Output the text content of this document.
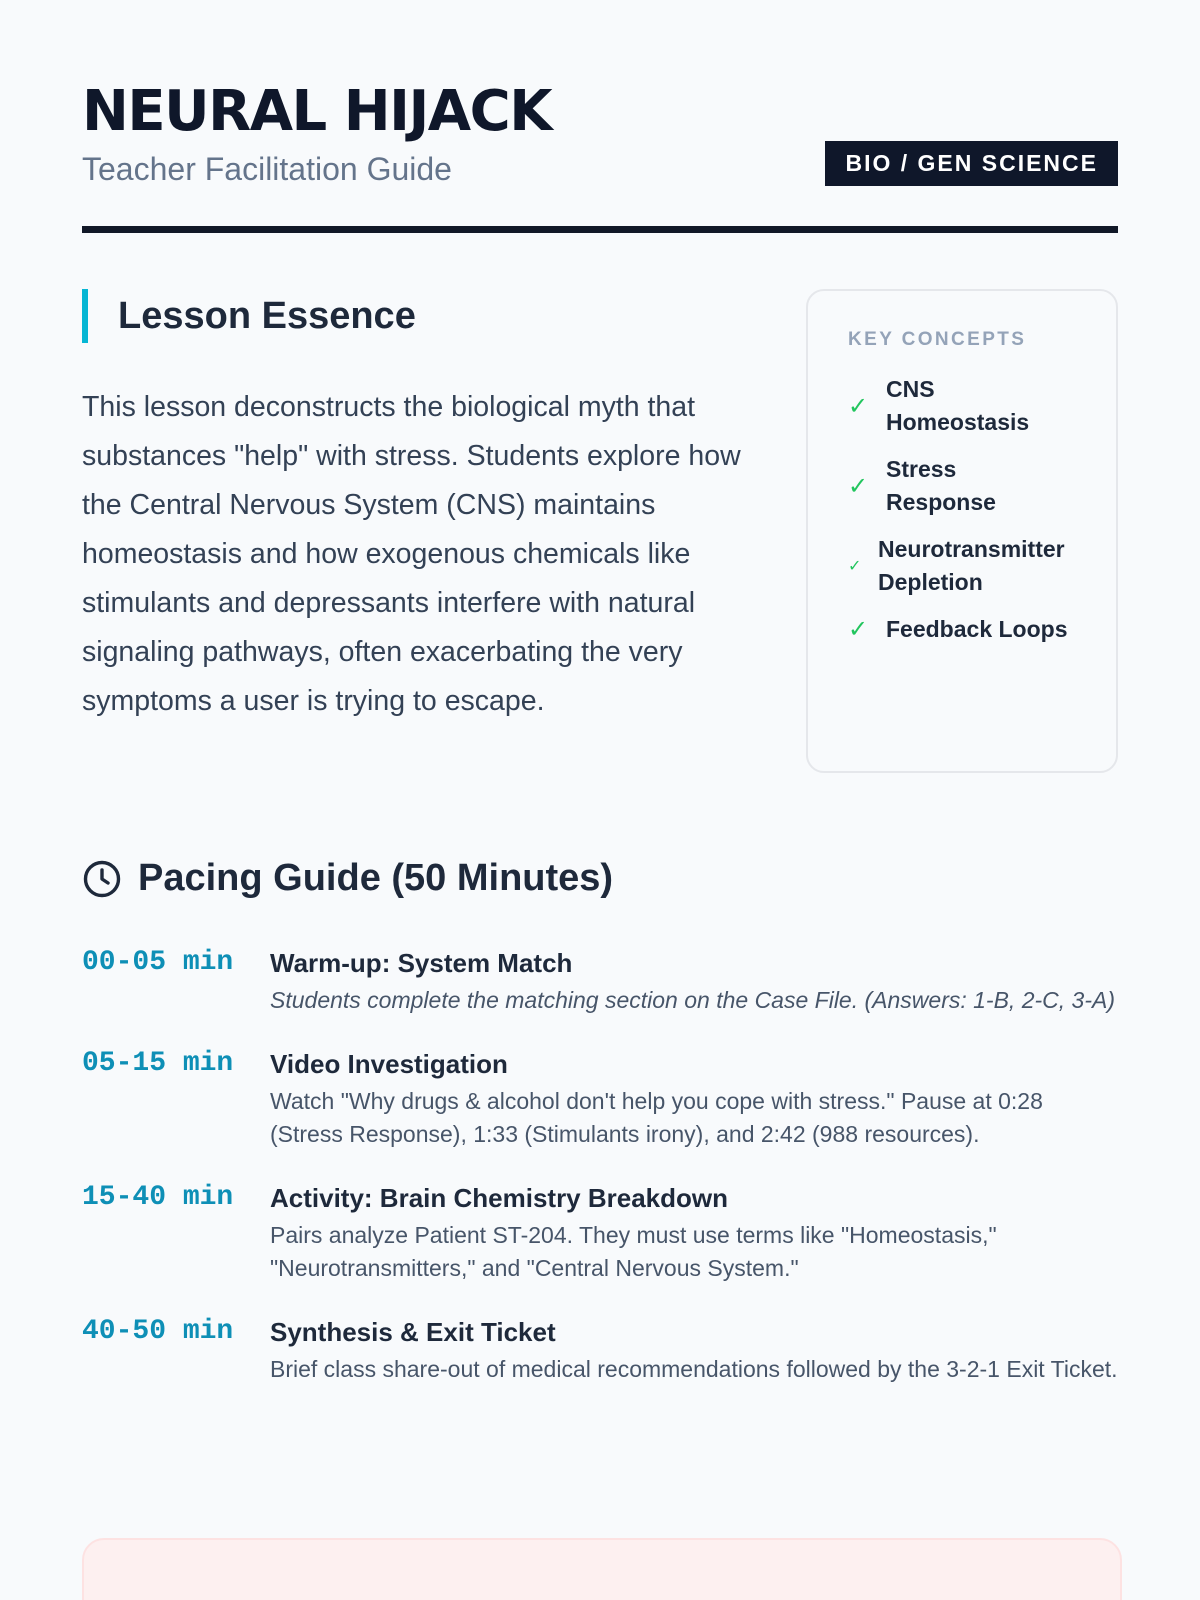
NEURAL HIJACK
Teacher Facilitation Guide	BIO / GEN SCIENCE
Lesson Essence

This lesson deconstructs the biological myth that substances "help" with stress. Students explore how the Central Nervous System (CNS) maintains homeostasis and how exogenous chemicals like stimulants and depressants interfere with natural signaling pathways, often exacerbating the very symptoms a user is trying to escape.

KEY CONCEPTS
✓
CNS Homeostasis
✓
Stress Response
✓
Neurotransmitter Depletion
✓ Feedback Loops
Pacing Guide (50 Minutes)
00-05 min	Warm-up: System Match
Students complete the matching section on the Case File. (Answers: 1-B, 2-C, 3-A)
05-15 min	Video Investigation
Watch "Why drugs & alcohol don't help you cope with stress." Pause at 0:28 (Stress Response), 1:33 (Stimulants irony), and 2:42 (988 resources).
15-40 min	Activity: Brain Chemistry Breakdown
Pairs analyze Patient ST-204. They must use terms like "Homeostasis," "Neurotransmitters," and "Central Nervous System."
40-50 min	Synthesis & Exit Ticket
Brief class share-out of medical recommendations followed by the 3-2-1 Exit Ticket.
